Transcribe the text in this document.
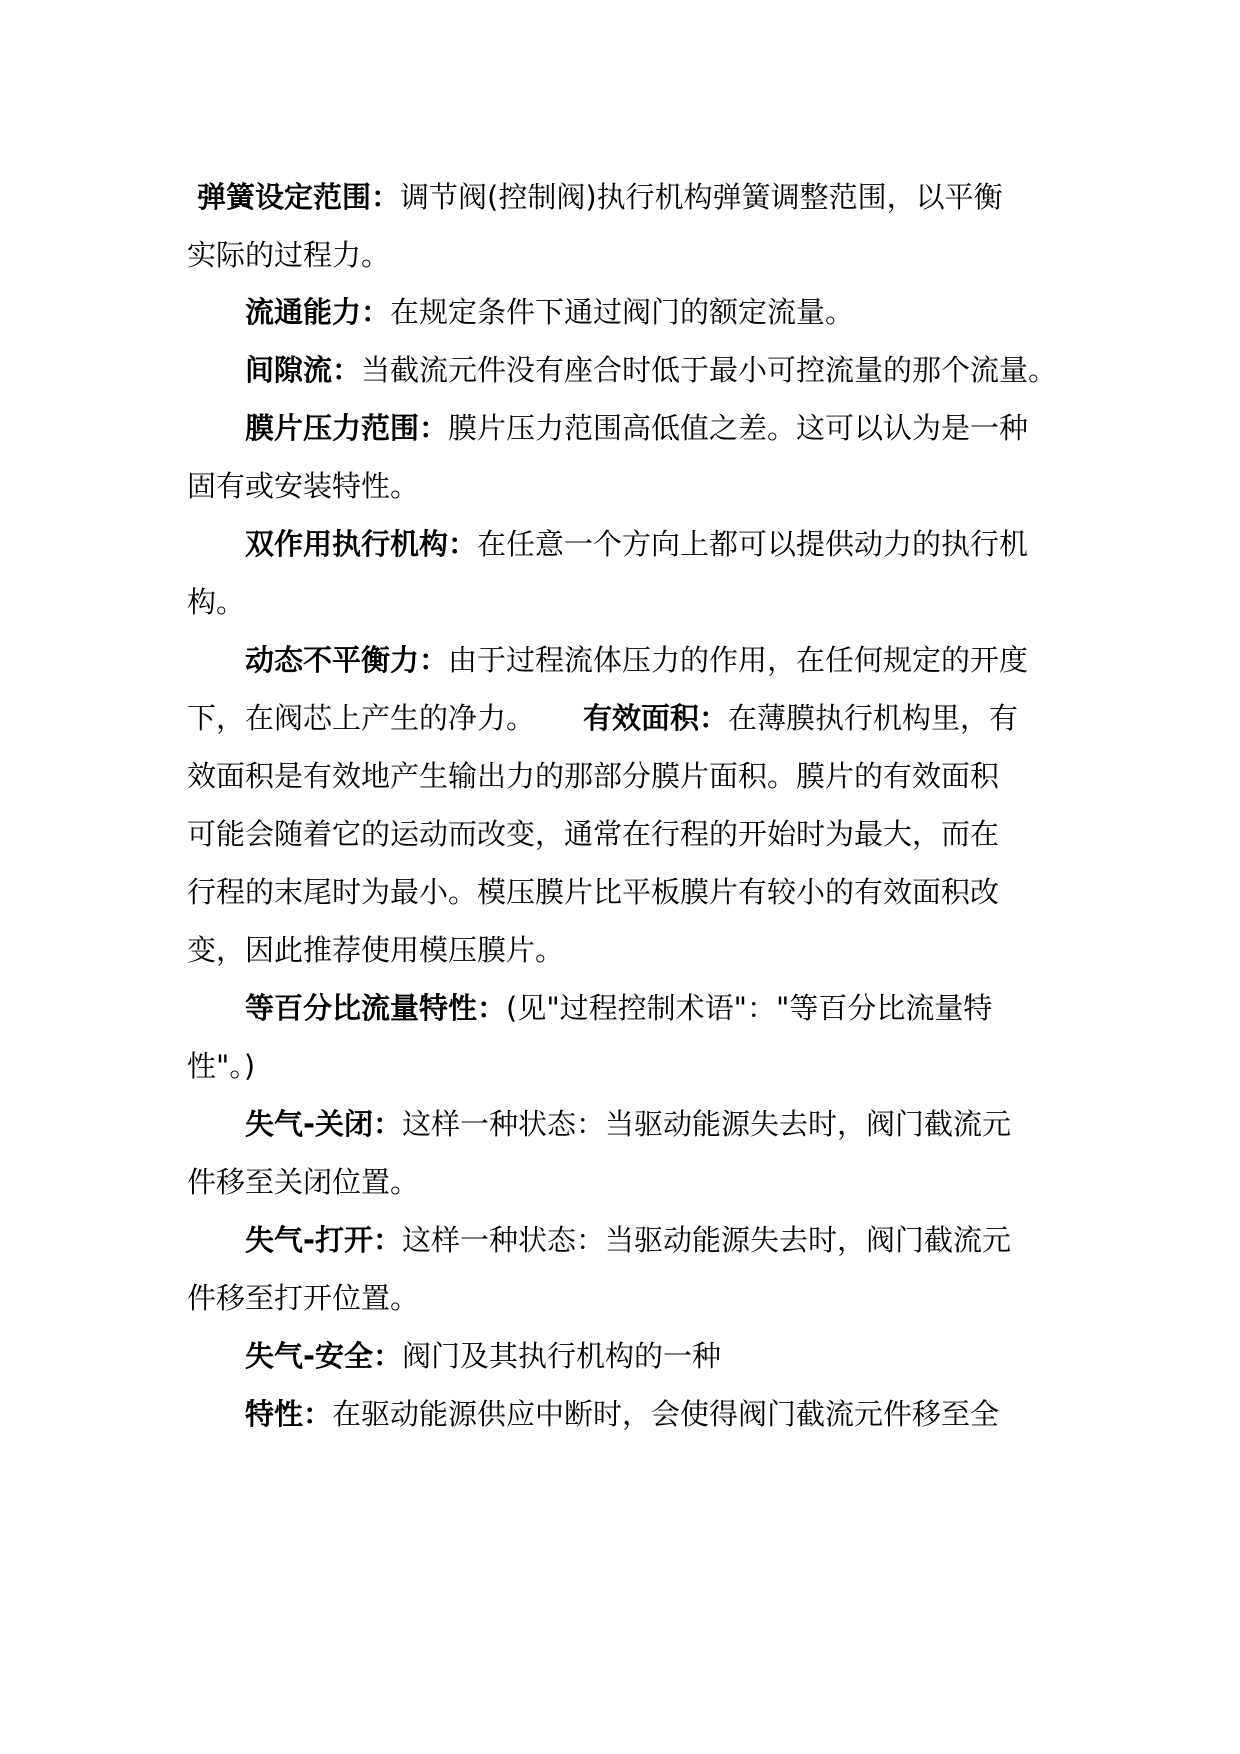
弹簧设定范围：调节阀(控制阀)执行机构弹簧调整范围，以平衡
实际的过程力。
流通能力：在规定条件下通过阀门的额定流量。
间隙流：当截流元件没有座合时低于最小可控流量的那个流量。
膜片压力范围：膜片压力范围高低值之差。这可以认为是一种
固有或安装特性。
双作用执行机构：在任意一个方向上都可以提供动力的执行机
构。
动态不平衡力：由于过程流体压力的作用，在任何规定的开度
下，在阀芯上产生的净力。 有效面积：在薄膜执行机构里，有
效面积是有效地产生输出力的那部分膜片面积。膜片的有效面积
可能会随着它的运动而改变，通常在行程的开始时为最大，而在
行程的末尾时为最小。模压膜片比平板膜片有较小的有效面积改
变，因此推荐使用模压膜片。
等百分比流量特性：(见"过程控制术语"："等百分比流量特
性"。)
失气-关闭：这样一种状态：当驱动能源失去时，阀门截流元
件移至关闭位置。
失气-打开：这样一种状态：当驱动能源失去时，阀门截流元
件移至打开位置。
失气-安全：阀门及其执行机构的一种
特性：在驱动能源供应中断时，会使得阀门截流元件移至全
